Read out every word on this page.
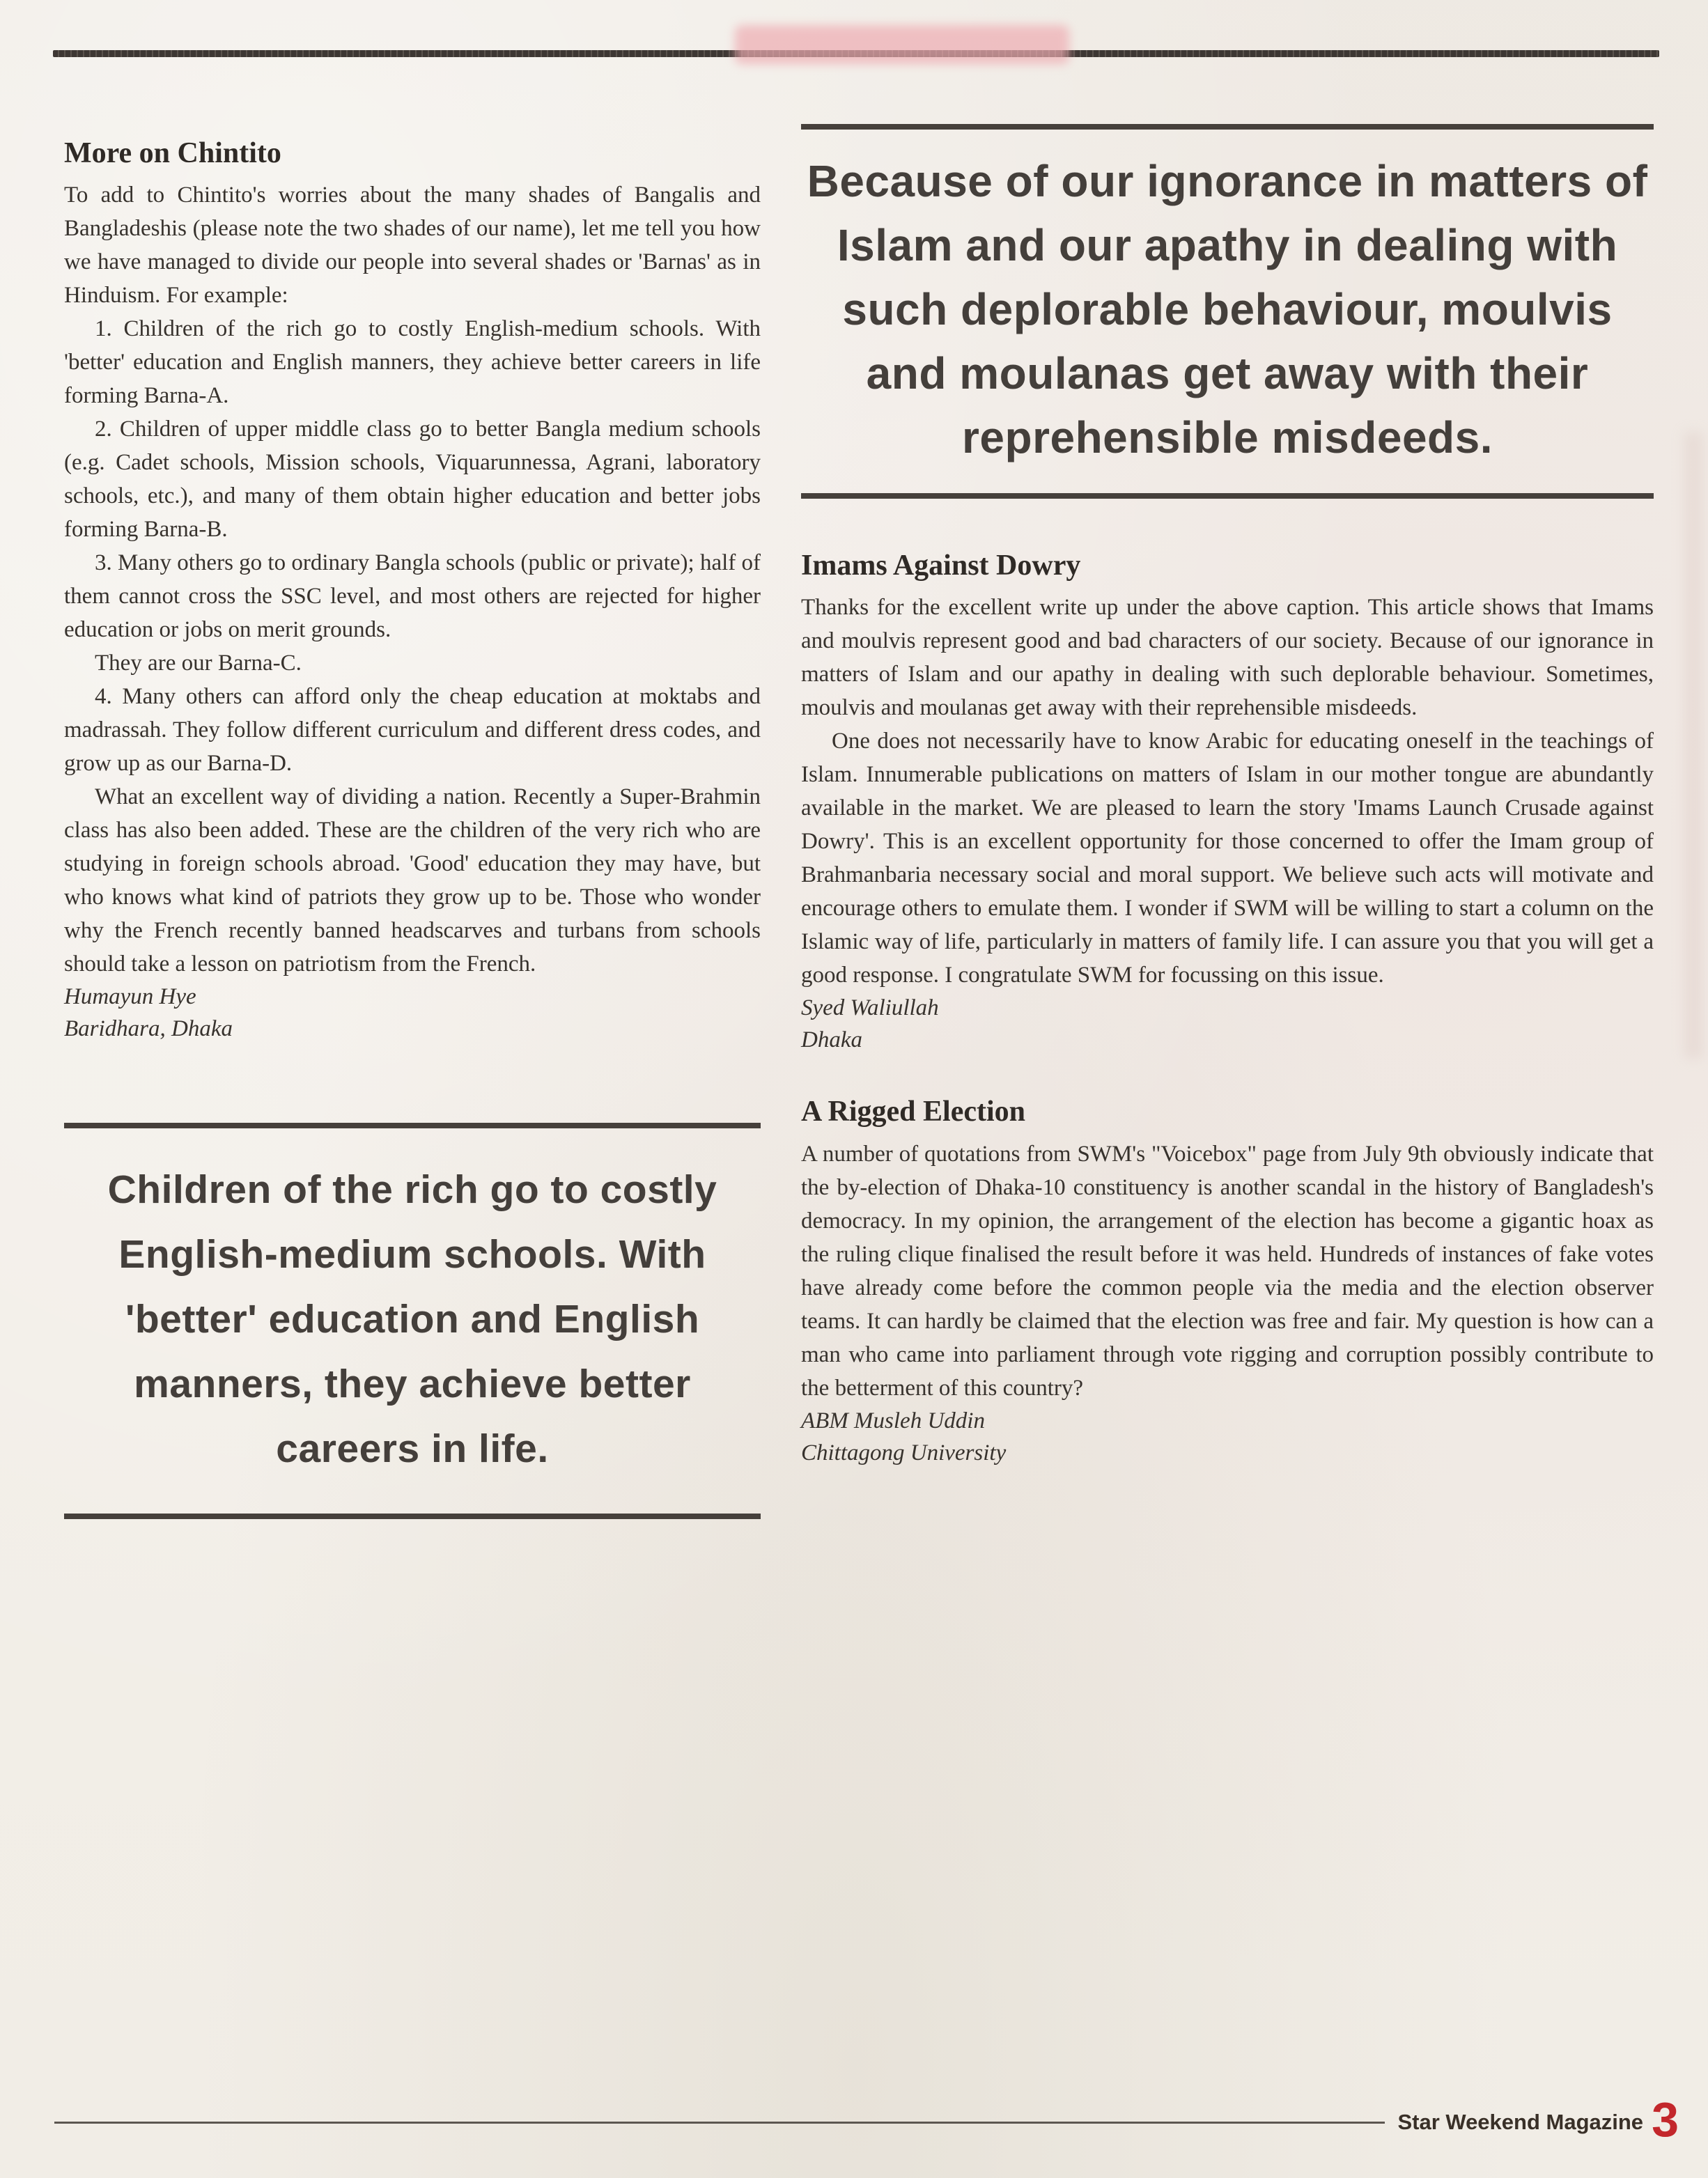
More on Chintito

To add to Chintito's worries about the many shades of Bangalis and Bangladeshis (please note the two shades of our name), let me tell you how we have managed to divide our people into several shades or 'Barnas' as in Hinduism. For example:

1. Children of the rich go to costly English-medium schools. With 'better' education and English manners, they achieve better careers in life forming Barna-A.

2. Children of upper middle class go to better Bangla medium schools (e.g. Cadet schools, Mission schools, Viquarunnessa, Agrani, laboratory schools, etc.), and many of them obtain higher education and better jobs forming Barna-B.

3. Many others go to ordinary Bangla schools (public or private); half of them cannot cross the SSC level, and most others are rejected for higher education or jobs on merit grounds.

They are our Barna-C.

4. Many others can afford only the cheap education at moktabs and madrassah. They follow different curriculum and different dress codes, and grow up as our Barna-D.

What an excellent way of dividing a nation. Recently a Super-Brahmin class has also been added. These are the children of the very rich who are studying in foreign schools abroad. 'Good' education they may have, but who knows what kind of patriots they grow up to be. Those who wonder why the French recently banned headscarves and turbans from schools should take a lesson on patriotism from the French.

Humayun Hye

Baridhara, Dhaka

Children of the rich go to costly English-medium schools. With 'better' education and English manners, they achieve better careers in life.
Because of our ignorance in matters of Islam and our apathy in dealing with such deplorable behaviour, moulvis and moulanas get away with their reprehensible misdeeds.
Imams Against Dowry

Thanks for the excellent write up under the above caption. This article shows that Imams and moulvis represent good and bad characters of our society. Because of our ignorance in matters of Islam and our apathy in dealing with such deplorable behaviour. Sometimes, moulvis and moulanas get away with their reprehensible misdeeds.

One does not necessarily have to know Arabic for educating oneself in the teachings of Islam. Innumerable publications on matters of Islam in our mother tongue are abundantly available in the market. We are pleased to learn the story 'Imams Launch Crusade against Dowry'. This is an excellent opportunity for those concerned to offer the Imam group of Brahmanbaria necessary social and moral support. We believe such acts will motivate and encourage others to emulate them. I wonder if SWM will be willing to start a column on the Islamic way of life, particularly in matters of family life. I can assure you that you will get a good response. I congratulate SWM for focussing on this issue.

Syed Waliullah

Dhaka

A Rigged Election

A number of quotations from SWM's "Voicebox" page from July 9th obviously indicate that the by-election of Dhaka-10 constituency is another scandal in the history of Bangladesh's democracy. In my opinion, the arrangement of the election has become a gigantic hoax as the ruling clique finalised the result before it was held. Hundreds of instances of fake votes have already come before the common people via the media and the election observer teams. It can hardly be claimed that the election was free and fair. My question is how can a man who came into parliament through vote rigging and corruption possibly contribute to the betterment of this country?

ABM Musleh Uddin

Chittagong University

Star Weekend Magazine 3
